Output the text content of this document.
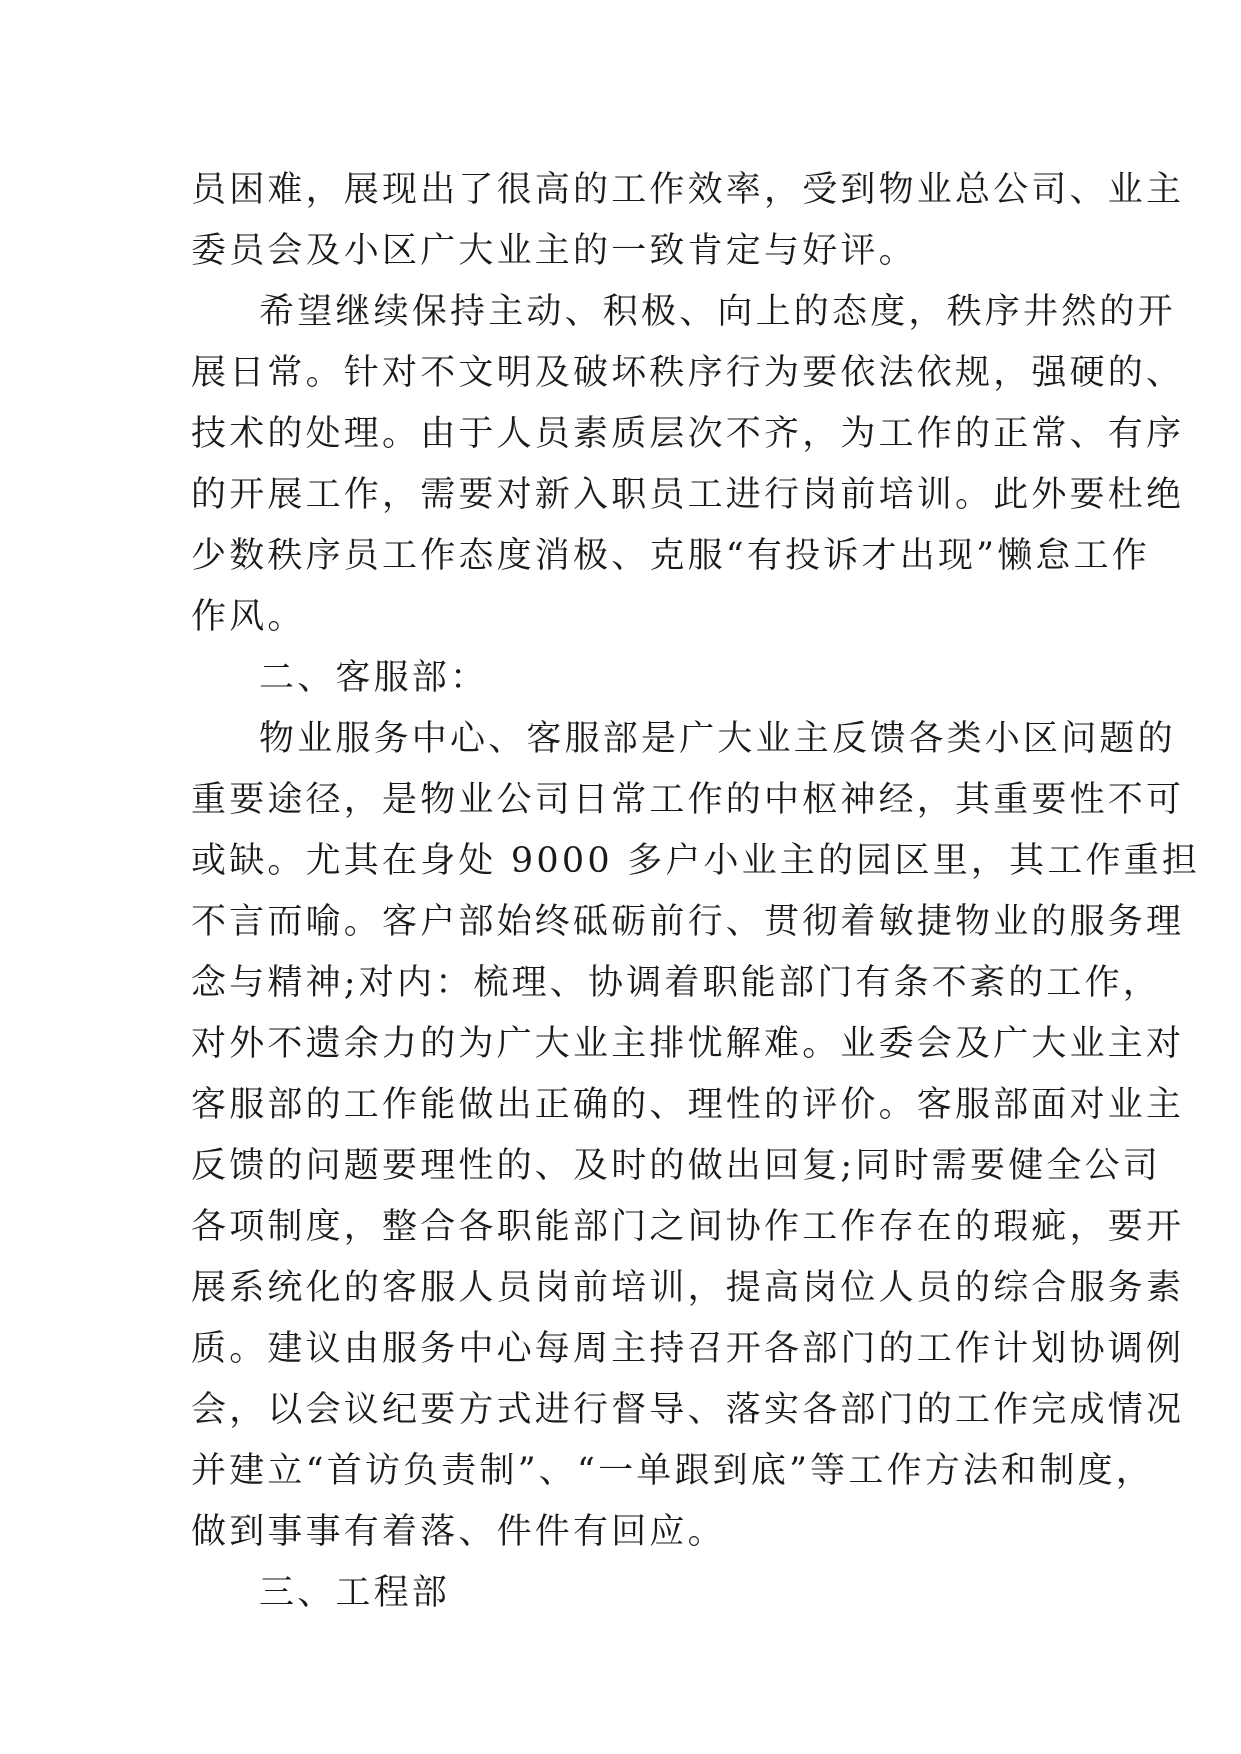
员困难，展现出了很高的工作效率，受到物业总公司、业主
委员会及小区广大业主的一致肯定与好评。
希望继续保持主动、积极、向上的态度，秩序井然的开
展日常。针对不文明及破坏秩序行为要依法依规，强硬的、
技术的处理。由于人员素质层次不齐，为工作的正常、有序
的开展工作，需要对新入职员工进行岗前培训。此外要杜绝
少数秩序员工作态度消极、克服“有投诉才出现”懒怠工作
作风。
二、客服部：
物业服务中心、客服部是广大业主反馈各类小区问题的
重要途径，是物业公司日常工作的中枢神经，其重要性不可
或缺。尤其在身处 9000 多户小业主的园区里，其工作重担
不言而喻。客户部始终砥砺前行、贯彻着敏捷物业的服务理
念与精神;对内：梳理、协调着职能部门有条不紊的工作，
对外不遗余力的为广大业主排忧解难。业委会及广大业主对
客服部的工作能做出正确的、理性的评价。客服部面对业主
反馈的问题要理性的、及时的做出回复;同时需要健全公司
各项制度，整合各职能部门之间协作工作存在的瑕疵，要开
展系统化的客服人员岗前培训，提高岗位人员的综合服务素
质。建议由服务中心每周主持召开各部门的工作计划协调例
会，以会议纪要方式进行督导、落实各部门的工作完成情况
并建立“首访负责制”、“一单跟到底”等工作方法和制度，
做到事事有着落、件件有回应。
三、工程部
